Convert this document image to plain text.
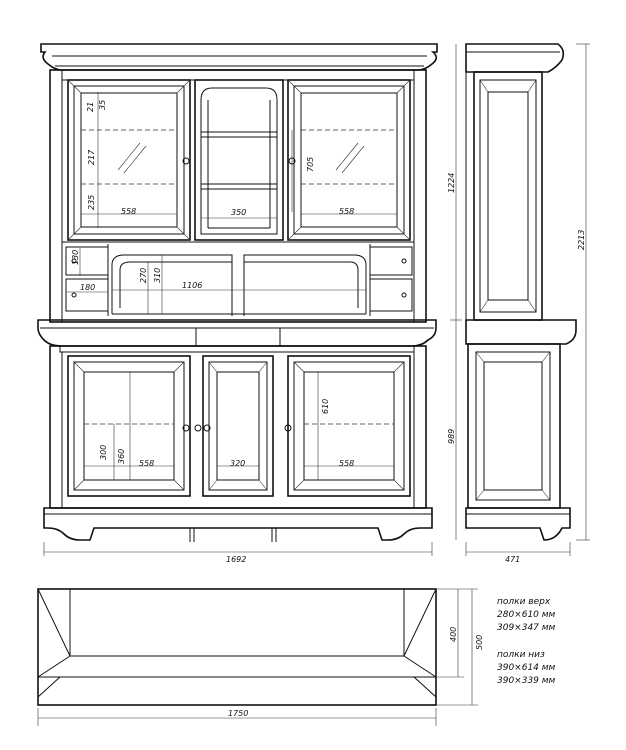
21 35
217
235
705
558	350	558
1224
2213
130
180
270 310
1106
300 360 558	320	558
610
989
1692	471
1750
400
500
полки верх
280×610 мм
309×347 мм
полки низ
390×614 мм
390×339 мм
